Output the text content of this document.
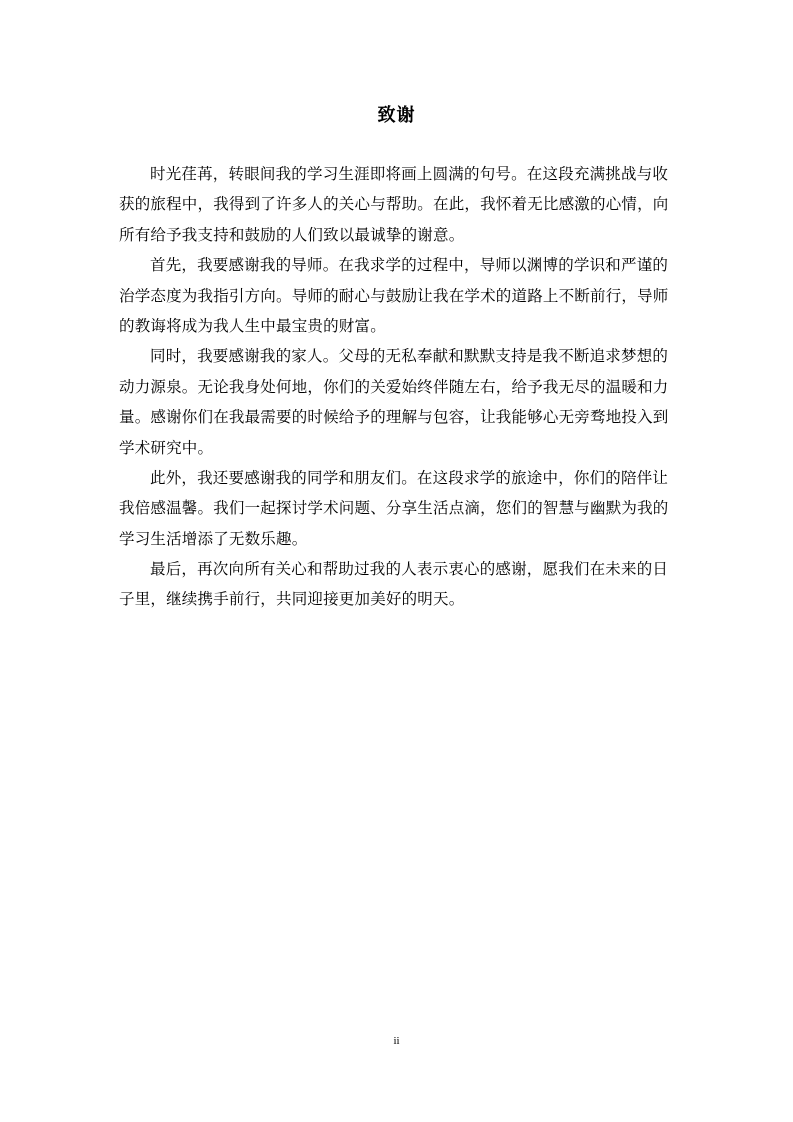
致谢
时光荏苒，转眼间我的学习生涯即将画上圆满的句号。在这段充满挑战与收
获的旅程中，我得到了许多人的关心与帮助。在此，我怀着无比感激的心情，向
所有给予我支持和鼓励的人们致以最诚挚的谢意。
首先，我要感谢我的导师。在我求学的过程中，导师以渊博的学识和严谨的
治学态度为我指引方向。导师的耐心与鼓励让我在学术的道路上不断前行，导师
的教诲将成为我人生中最宝贵的财富。
同时，我要感谢我的家人。父母的无私奉献和默默支持是我不断追求梦想的
动力源泉。无论我身处何地，你们的关爱始终伴随左右，给予我无尽的温暖和力
量。感谢你们在我最需要的时候给予的理解与包容，让我能够心无旁骛地投入到
学术研究中。
此外，我还要感谢我的同学和朋友们。在这段求学的旅途中，你们的陪伴让
我倍感温馨。我们一起探讨学术问题、分享生活点滴，您们的智慧与幽默为我的
学习生活增添了无数乐趣。
最后，再次向所有关心和帮助过我的人表示衷心的感谢，愿我们在未来的日
子里，继续携手前行，共同迎接更加美好的明天。
ii
